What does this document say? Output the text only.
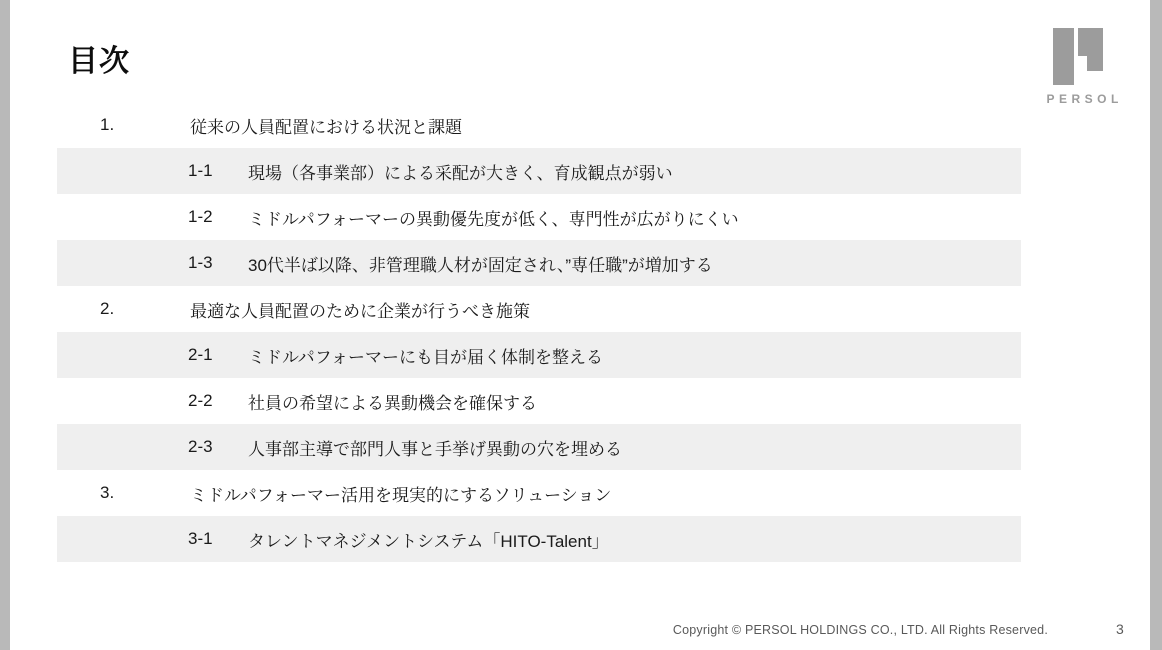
目次
PERSOL
1.	従来の人員配置における状況と課題
1-1	現場（各事業部）による采配が大きく、育成観点が弱い
1-2	ミドルパフォーマーの異動優先度が低く、専門性が広がりにくい
1-3	30代半ば以降、非管理職人材が固定され、”専任職”が増加する
2.	最適な人員配置のために企業が行うべき施策
2-1	ミドルパフォーマーにも目が届く体制を整える
2-2	社員の希望による異動機会を確保する
2-3	人事部主導で部門人事と手挙げ異動の穴を埋める
3.	ミドルパフォーマー活用を現実的にするソリューション
3-1	タレントマネジメントシステム「HITO-Talent」
Copyright © PERSOL HOLDINGS CO., LTD. All Rights Reserved.	3
